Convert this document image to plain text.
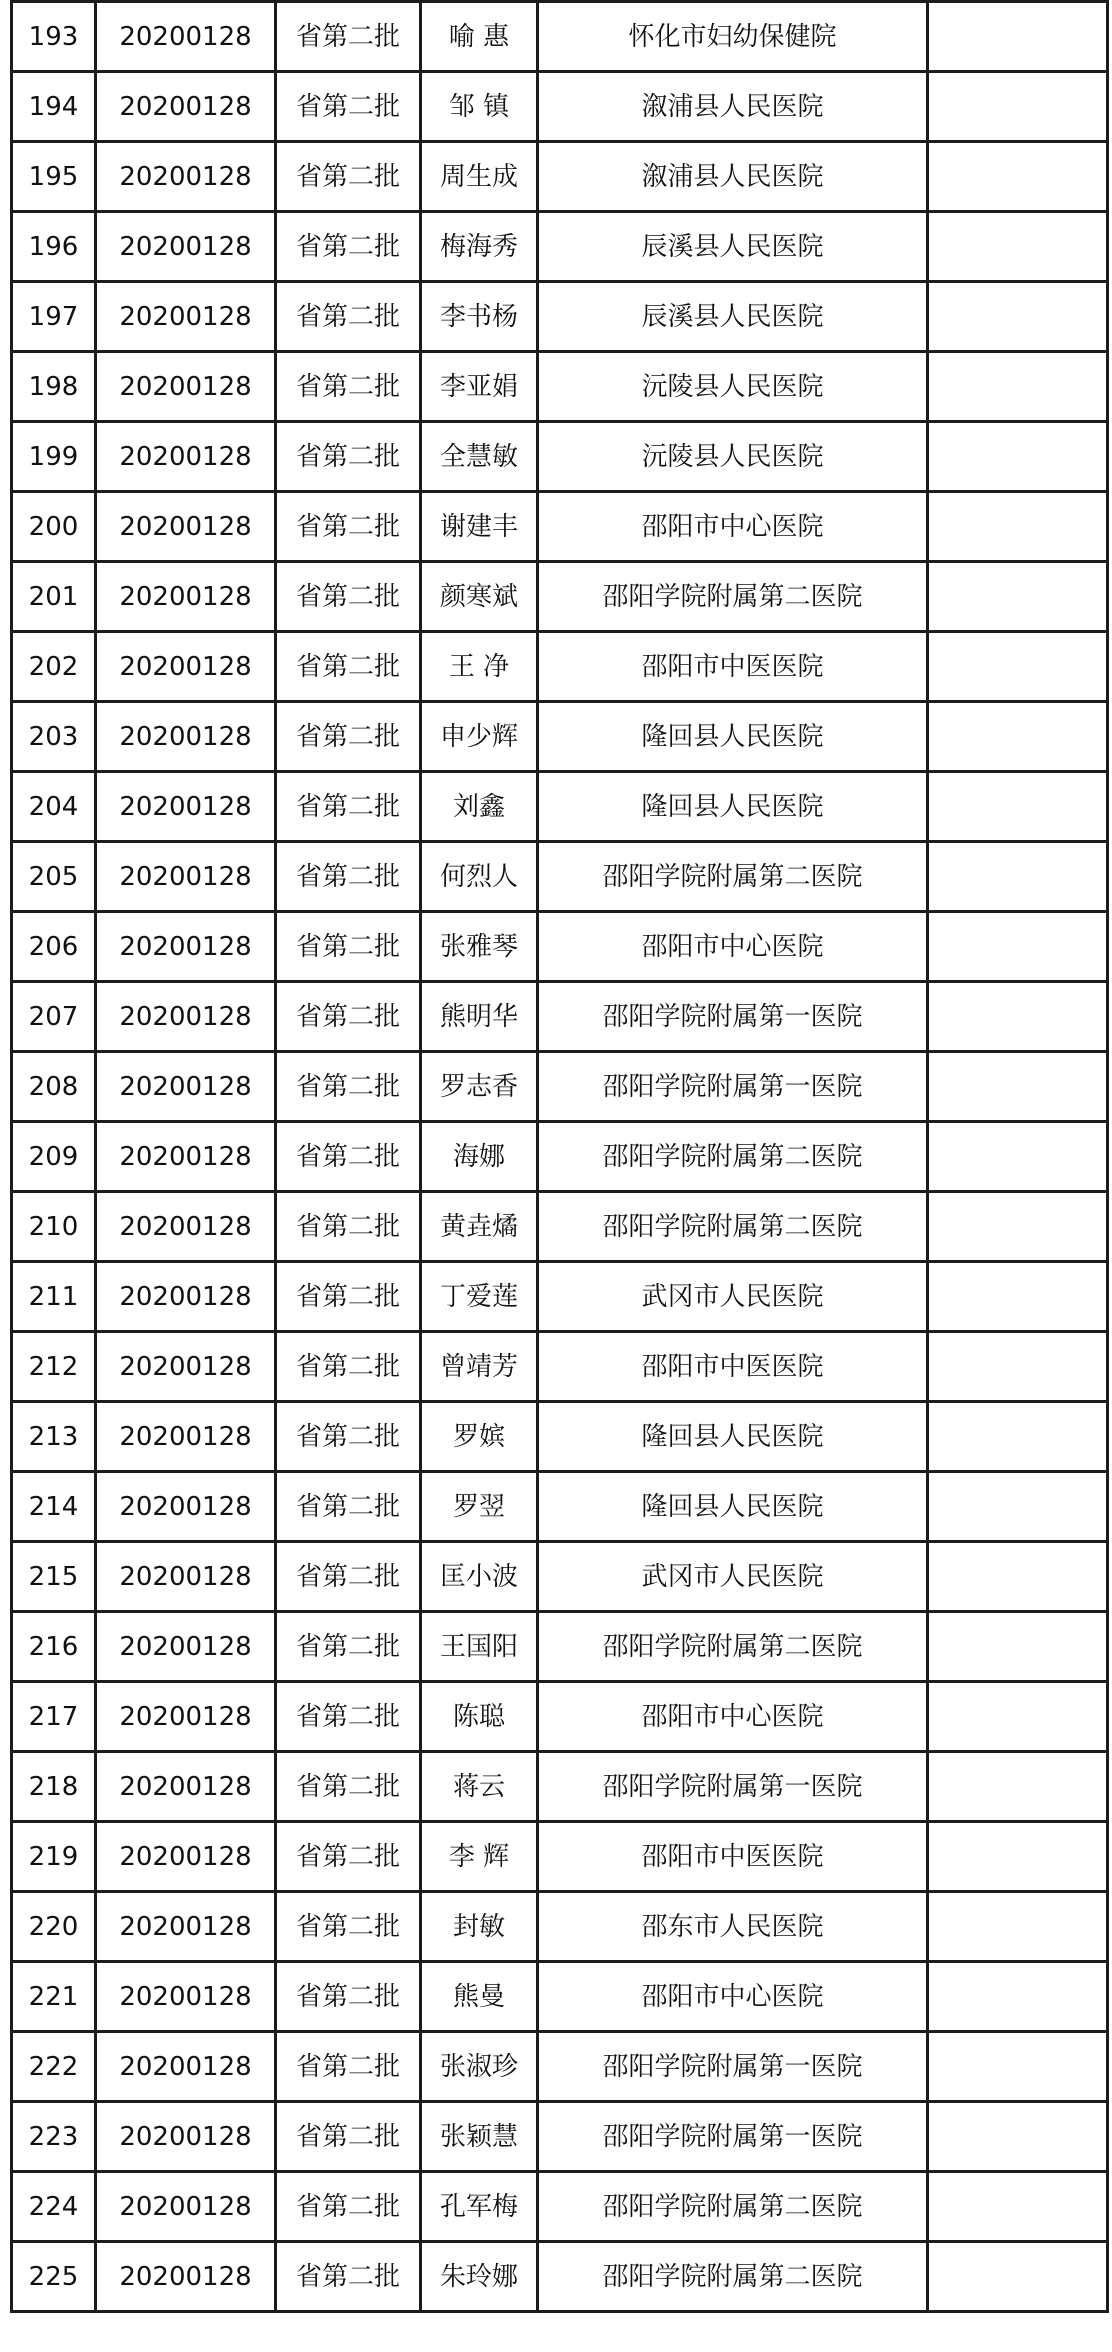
193	20200128	省第二批	喻 惠	怀化市妇幼保健院	
194	20200128	省第二批	邹 镇	溆浦县人民医院	
195	20200128	省第二批	周生成	溆浦县人民医院	
196	20200128	省第二批	梅海秀	辰溪县人民医院	
197	20200128	省第二批	李书杨	辰溪县人民医院	
198	20200128	省第二批	李亚娟	沅陵县人民医院	
199	20200128	省第二批	全慧敏	沅陵县人民医院	
200	20200128	省第二批	谢建丰	邵阳市中心医院	
201	20200128	省第二批	颜寒斌	邵阳学院附属第二医院	
202	20200128	省第二批	王 净	邵阳市中医医院	
203	20200128	省第二批	申少辉	隆回县人民医院	
204	20200128	省第二批	刘鑫	隆回县人民医院	
205	20200128	省第二批	何烈人	邵阳学院附属第二医院	
206	20200128	省第二批	张雅琴	邵阳市中心医院	
207	20200128	省第二批	熊明华	邵阳学院附属第一医院	
208	20200128	省第二批	罗志香	邵阳学院附属第一医院	
209	20200128	省第二批	海娜	邵阳学院附属第二医院	
210	20200128	省第二批	黄垚燏	邵阳学院附属第二医院	
211	20200128	省第二批	丁爱莲	武冈市人民医院	
212	20200128	省第二批	曾靖芳	邵阳市中医医院	
213	20200128	省第二批	罗嫔	隆回县人民医院	
214	20200128	省第二批	罗翌	隆回县人民医院	
215	20200128	省第二批	匡小波	武冈市人民医院	
216	20200128	省第二批	王国阳	邵阳学院附属第二医院	
217	20200128	省第二批	陈聪	邵阳市中心医院	
218	20200128	省第二批	蒋云	邵阳学院附属第一医院	
219	20200128	省第二批	李 辉	邵阳市中医医院	
220	20200128	省第二批	封敏	邵东市人民医院	
221	20200128	省第二批	熊曼	邵阳市中心医院	
222	20200128	省第二批	张淑珍	邵阳学院附属第一医院	
223	20200128	省第二批	张颖慧	邵阳学院附属第一医院	
224	20200128	省第二批	孔军梅	邵阳学院附属第二医院	
225	20200128	省第二批	朱玲娜	邵阳学院附属第二医院	
